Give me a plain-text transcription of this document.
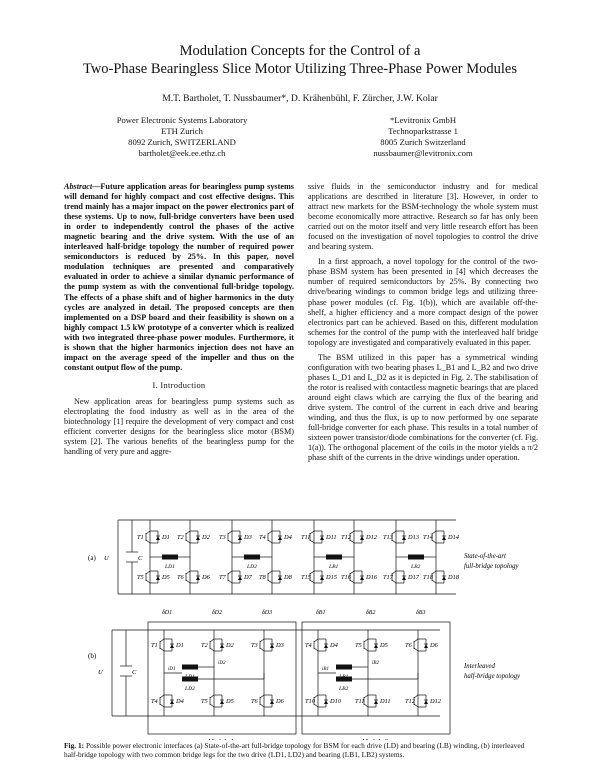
Modulation Concepts for the Control of a
Two-Phase Bearingless Slice Motor Utilizing Three-Phase Power Modules
M.T. Bartholet, T. Nussbaumer*, D. Krähenbühl, F. Zürcher, J.W. Kolar
Power Electronic Systems Laboratory
ETH Zurich
8092 Zurich, SWITZERLAND
bartholet@eek.ee.ethz.ch
*Levitronix GmbH
Technoparkstrasse 1
8005 Zurich Switzerland
nussbaumer@levitronix.com

Abstract—Future application areas for bearingless pump systems will demand for highly compact and cost effective designs. This trend mainly has a major impact on the power electronics part of these systems. Up to now, full-bridge converters have been used in order to independently control the phases of the active magnetic bearing and the drive system. With the use of an interleaved half-bridge topology the number of required power semiconductors is reduced by 25%. In this paper, novel modulation techniques are presented and comparatively evaluated in order to achieve a similar dynamic performance of the pump system as with the conventional full-bridge topology. The effects of a phase shift and of higher harmonics in the duty cycles are analyzed in detail. The proposed concepts are then implemented on a DSP board and their feasibility is shown on a highly compact 1.5 kW prototype of a converter which is realized with two integrated three-phase power modules. Furthermore, it is shown that the higher harmonics injection does not have an impact on the average speed of the impeller and thus on the constant output flow of the pump.

I. Introduction

New application areas for bearingless pump systems such as electroplating the food industry as well as in the area of the biotechnology [1] require the development of very compact and cost efficient converter designs for the bearingless slice motor (BSM) system [2]. The various benefits of the bearingless pump for the handling of very pure and aggre-

ssive fluids in the semiconductor industry and for medical applications are described in literature [3]. However, in order to attract new markets for the BSM-technology the whole system must become economically more attractive. Research so far has only been carried out on the motor itself and very little research effort has been focused on the investigation of novel topologies to control the drive and bearing system.

In a first approach, a novel topology for the control of the two-phase BSM system has been presented in [4] which decreases the number of required semiconductors by 25%. By connecting two drive/bearing windings to common bridge legs and utilizing three-phase power modules (cf. Fig. 1(b)), which are available off-the-shelf, a higher efficiency and a more compact design of the power electronics part can be achieved. Based on this, different modulation schemes for the control of the pump with the interleaved half bridge topology are investigated and comparatively evaluated in this paper.

The BSM utilized in this paper has a symmetrical winding configuration with two bearing phases L_B1 and L_B2 and two drive phases L_D1 and L_D2 as it is depicted in Fig. 2. The stabilisation of the rotor is realised with contactless magnetic bearings that are placed around eight claws which are carrying the flux of the bearing and drive system. The control of the current in each drive and bearing winding, and thus the flux, is up to now performed by one separate full-bridge converter for each phase. This results in a total number of sixteen power transistor/diode combinations for the converter (cf. Fig. 1(a)). The orthogonal placement of the coils in the motor yields a π/2 phase shift of the currents in the drive windings under operation.

(a) U	C
T1	D1
T5	D5
T2	D2
T6	D6
T3	D3
T7	D7
T4	D4
T8	D8
T11 D11
T15 D15
T12 D12
T16 D16
T13 D13
T17 D17
T14 D14
T18 D18
LD1	LD2	LB1	LB2
State-of-the-art
full-bridge topology
(b)
U	C
δD1
T1	D1
T4	D4
δD2
T2	D2
T5	D5
δD3
T3	D3
T6	D6
LD2
iD1
iD2
δB1
T4	D4
T10 D10
δB2
T5	D5
T11 D11
δB3
T6	D6
T12 D12
LB2
iB1
iB2	Interleaved
half-bridge topology
Fig. 1: Possible power electronic interfaces (a) State-of-the-art full-bridge topology for BSM for each drive (LD) and bearing (LB) winding, (b) interleaved half-bridge topology with two common bridge legs for the two drive (LD1, LD2) and bearing (LB1, LB2) systems.
